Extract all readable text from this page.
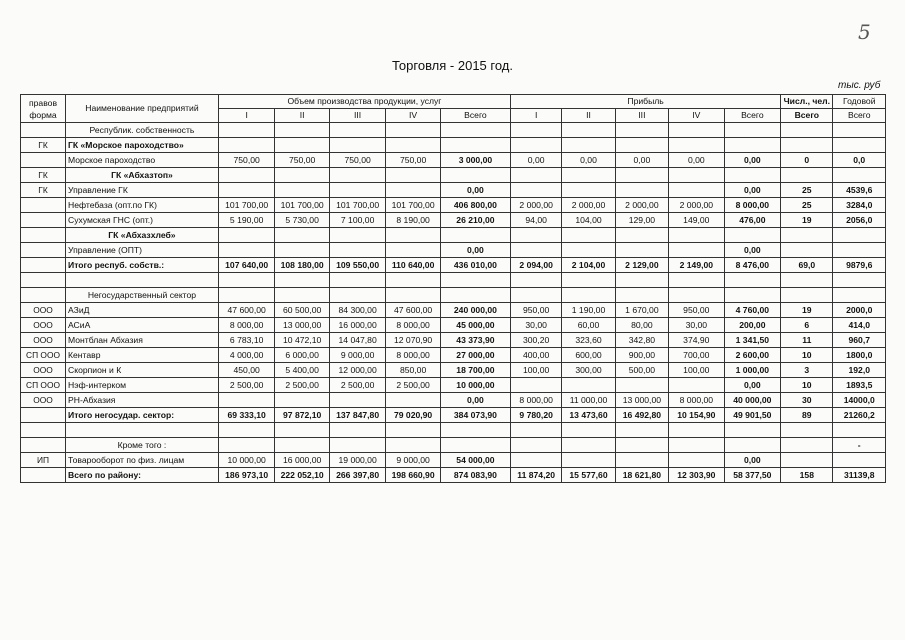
5
Торговля - 2015 год.
тыс. руб
правов форма	Наименование предприятий	Объем производства продукции, услуг					Прибыль					Числ., чел.	Годовой
		I	II	III	IV	Всего	I	II	III	IV	Всего	Всего	Всего
	Республик. собственность												
ГК	ГК «Морское пароходство»												
	Морское пароходство	750,00	750,00	750,00	750,00	3 000,00	0,00	0,00	0,00	0,00	0,00	0	0,0
ГК	ГК «Абхазтоп»												
ГК	Управление ГК					0,00					0,00	25	4539,6
	Нефтебаза (опт.по ГК)	101 700,00	101 700,00	101 700,00	101 700,00	406 800,00	2 000,00	2 000,00	2 000,00	2 000,00	8 000,00	25	3284,0
	Сухумская ГНС (опт.)	5 190,00	5 730,00	7 100,00	8 190,00	26 210,00	94,00	104,00	129,00	149,00	476,00	19	2056,0
	ГК «Абхазхлеб»												
	Управление (ОПТ)					0,00					0,00		
	Итого респуб. собств.:	107 640,00	108 180,00	109 550,00	110 640,00	436 010,00	2 094,00	2 104,00	2 129,00	2 149,00	8 476,00	69,0	9879,6

	Негосударственный сектор												
ООО	АЗиД	47 600,00	60 500,00	84 300,00	47 600,00	240 000,00	950,00	1 190,00	1 670,00	950,00	4 760,00	19	2000,0
ООО	АСиА	8 000,00	13 000,00	16 000,00	8 000,00	45 000,00	30,00	60,00	80,00	30,00	200,00	6	414,0
ООО	Монтблан Абхазия	6 783,10	10 472,10	14 047,80	12 070,90	43 373,90	300,20	323,60	342,80	374,90	1 341,50	11	960,7
СП ООО	Кентавр	4 000,00	6 000,00	9 000,00	8 000,00	27 000,00	400,00	600,00	900,00	700,00	2 600,00	10	1800,0
ООО	Скорпион и К	450,00	5 400,00	12 000,00	850,00	18 700,00	100,00	300,00	500,00	100,00	1 000,00	3	192,0
СП ООО	Нэф-интерком	2 500,00	2 500,00	2 500,00	2 500,00	10 000,00					0,00	10	1893,5
ООО	РН-Абхазия					0,00	8 000,00	11 000,00	13 000,00	8 000,00	40 000,00	30	14000,0
	Итого негосудар. сектор:	69 333,10	97 872,10	137 847,80	79 020,90	384 073,90	9 780,20	13 473,60	16 492,80	10 154,90	49 901,50	89	21260,2

	Кроме того :												-
ИП	Товарооборот по физ. лицам	10 000,00	16 000,00	19 000,00	9 000,00	54 000,00					0,00		
	Всего по району:	186 973,10	222 052,10	266 397,80	198 660,90	874 083,90	11 874,20	15 577,60	18 621,80	12 303,90	58 377,50	158	31139,8
